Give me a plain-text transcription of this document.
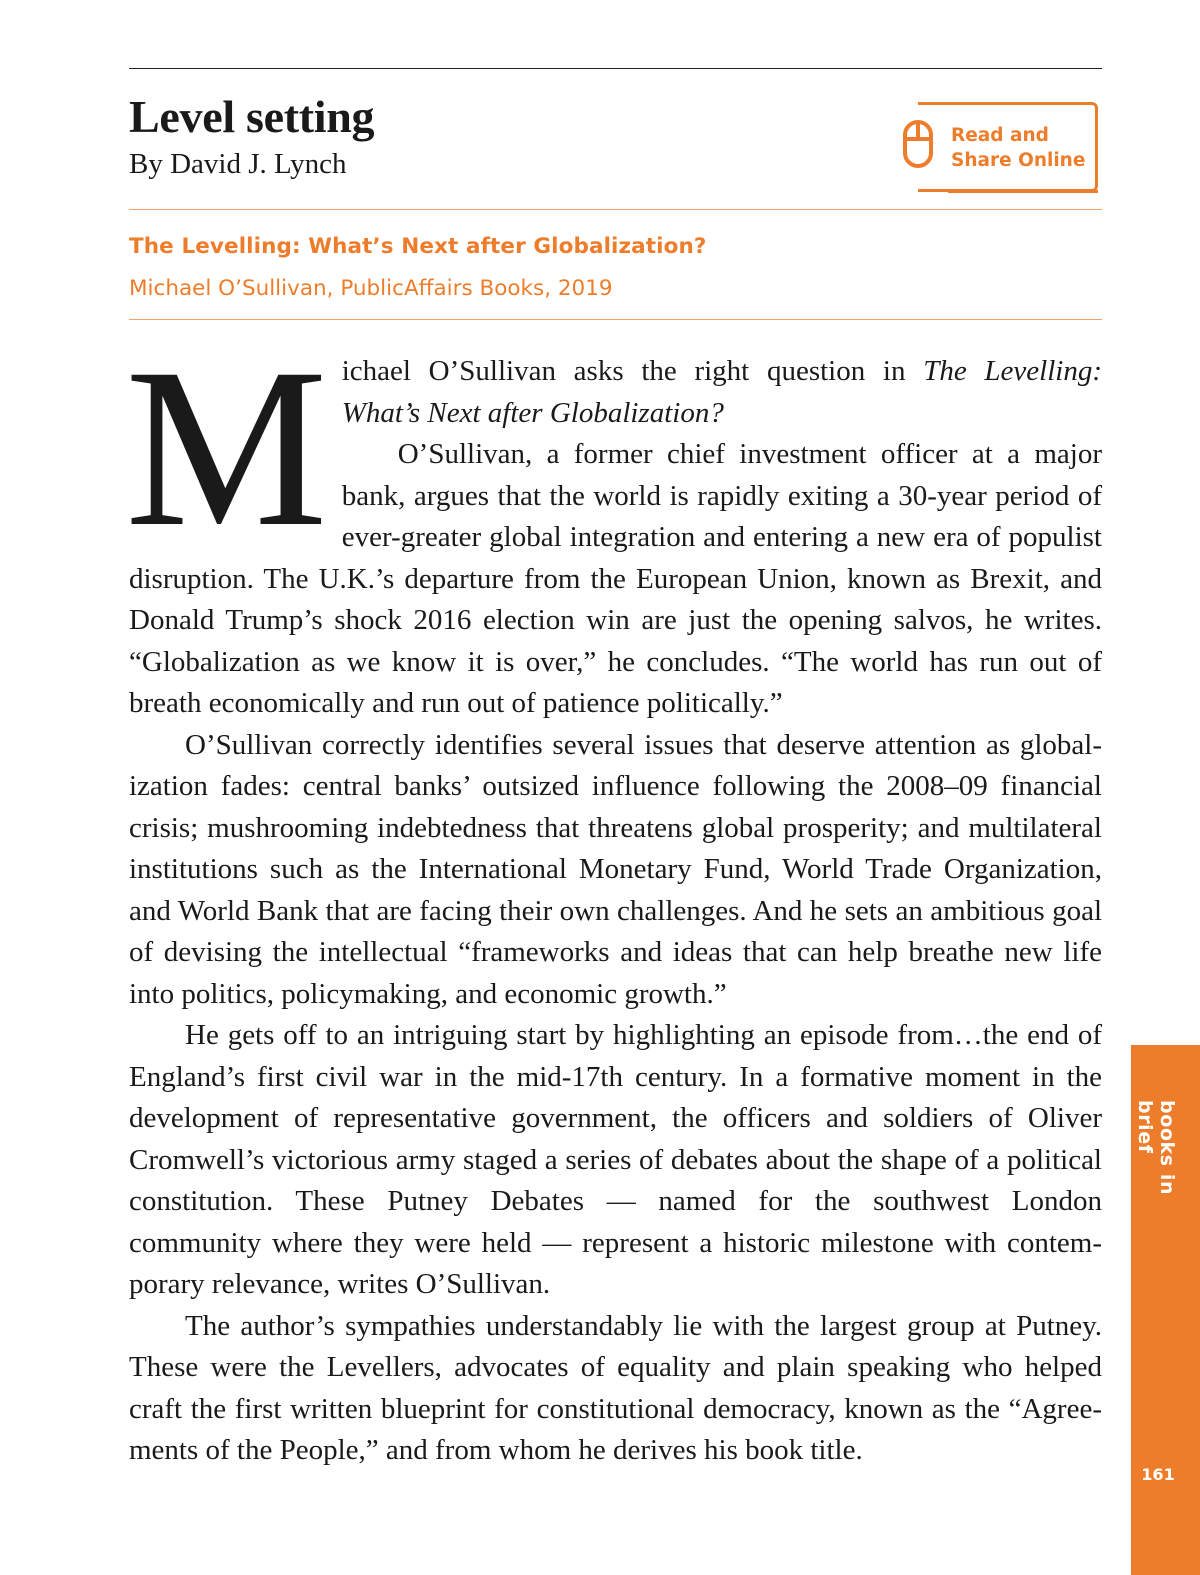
Level setting
By David J. Lynch
Read and
Share Online
The Levelling: What’s Next after Globalization?
Michael O’Sullivan, PublicAffairs Books, 2019

Michael O’Sullivan asks the right question in The Levelling: What’s Next after Globalization?

O’Sullivan, a former chief investment officer at a major bank, argues that the world is rapidly exiting a 30-year period of ever-greater global integration and entering a new era of populist disruption. The U.K.’s departure from the European Union, known as Brexit, and Donald Trump’s shock 2016 election win are just the opening salvos, he writes. “Globalization as we know it is over,” he concludes. “The world has run out of breath economically and run out of patience politically.”

O’Sullivan correctly identifies several issues that deserve attention as globalization fades: central banks’ outsized influence following the 2008–09 financial crisis; mushrooming indebtedness that threatens global prosperity; and multilateral institutions such as the International Monetary Fund, World Trade Organization, and World Bank that are facing their own challenges. And he sets an ambitious goal of devising the intellectual “frameworks and ideas that can help breathe new life into politics, policymaking, and economic growth.”

He gets off to an intriguing start by highlighting an episode from…the end of England’s first civil war in the mid-17th century. In a formative moment in the development of representative government, the officers and soldiers of Oliver Cromwell’s victorious army staged a series of debates about the shape of a political constitution. These Putney Debates — named for the southwest London community where they were held — represent a historic milestone with contemporary relevance, writes O’Sullivan.

The author’s sympathies understandably lie with the largest group at Putney. These were the Levellers, advocates of equality and plain speaking who helped craft the first written blueprint for constitutional democracy, known as the “Agreements of the People,” and from whom he derives his book title.

books in brief
161
